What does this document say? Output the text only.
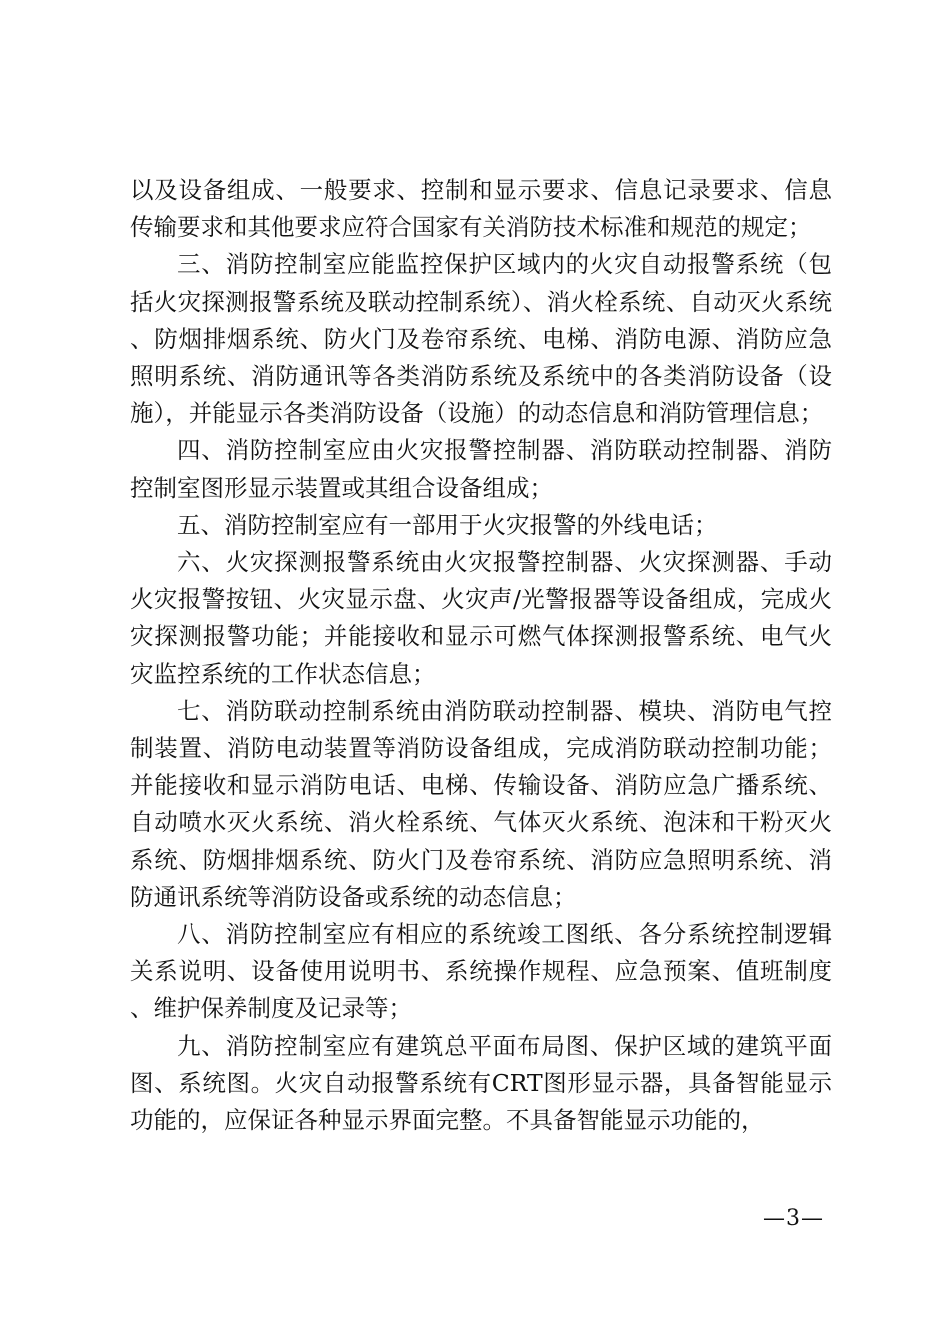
以及设备组成、一般要求、控制和显示要求、信息记录要求、信息传输要求和其他要求应符合国家有关消防技术标准和规范的规定；

三、消防控制室应能监控保护区域内的火灾自动报警系统（包括火灾探测报警系统及联动控制系统）、消火栓系统、自动灭火系统、防烟排烟系统、防火门及卷帘系统、电梯、消防电源、消防应急照明系统、消防通讯等各类消防系统及系统中的各类消防设备（设施），并能显示各类消防设备（设施）的动态信息和消防管理信息；

四、消防控制室应由火灾报警控制器、消防联动控制器、消防控制室图形显示装置或其组合设备组成；

五、消防控制室应有一部用于火灾报警的外线电话；

六、火灾探测报警系统由火灾报警控制器、火灾探测器、手动火灾报警按钮、火灾显示盘、火灾声/光警报器等设备组成，完成火灾探测报警功能；并能接收和显示可燃气体探测报警系统、电气火灾监控系统的工作状态信息；

七、消防联动控制系统由消防联动控制器、模块、消防电气控制装置、消防电动装置等消防设备组成，完成消防联动控制功能；并能接收和显示消防电话、电梯、传输设备、消防应急广播系统、自动喷水灭火系统、消火栓系统、气体灭火系统、泡沫和干粉灭火系统、防烟排烟系统、防火门及卷帘系统、消防应急照明系统、消防通讯系统等消防设备或系统的动态信息；

八、消防控制室应有相应的系统竣工图纸、各分系统控制逻辑关系说明、设备使用说明书、系统操作规程、应急预案、值班制度、维护保养制度及记录等；

九、消防控制室应有建筑总平面布局图、保护区域的建筑平面图、系统图。火灾自动报警系统有CRT图形显示器，具备智能显示功能的，应保证各种显示界面完整。不具备智能显示功能的，

—3—
